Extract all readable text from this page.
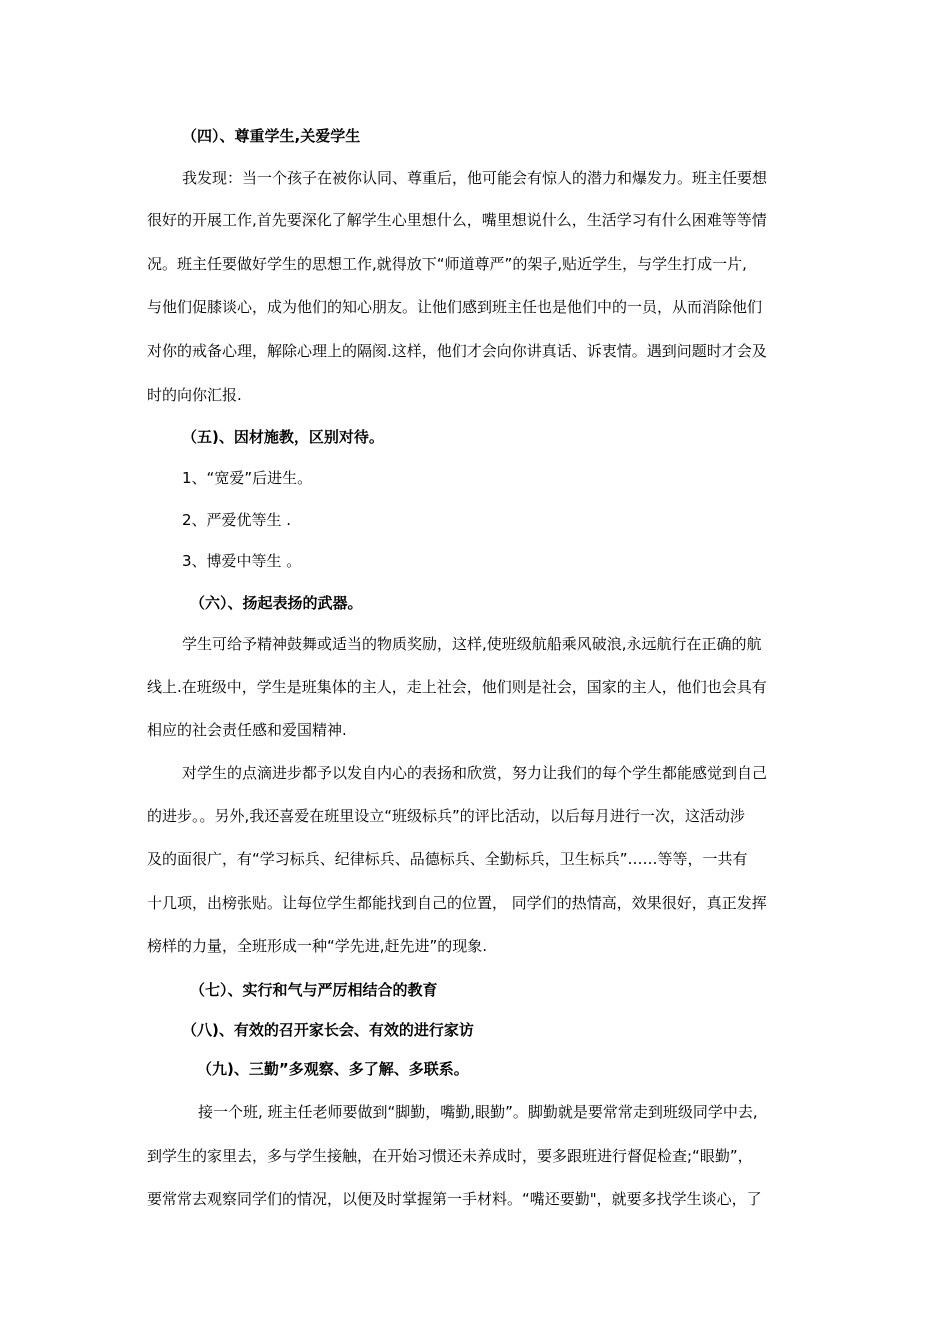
（四）、尊重学生,关爱学生
我发现：当一个孩子在被你认同、尊重后，他可能会有惊人的潜力和爆发力。班主任要想
很好的开展工作,首先要深化了解学生心里想什么，嘴里想说什么，生活学习有什么困难等等情
况。班主任要做好学生的思想工作,就得放下“师道尊严”的架子,贴近学生，与学生打成一片,
与他们促膝谈心，成为他们的知心朋友。让他们感到班主任也是他们中的一员，从而消除他们
对你的戒备心理，解除心理上的隔阂.这样，他们才会向你讲真话、诉衷情。遇到问题时才会及
时的向你汇报.
（五)、因材施教，区别对待。
1、“宽爱”后进生。
2、严爱优等生 .
3、博爱中等生 。
（六）、扬起表扬的武器。
学生可给予精神鼓舞或适当的物质奖励，这样,使班级航船乘风破浪,永远航行在正确的航
线上.在班级中，学生是班集体的主人，走上社会，他们则是社会，国家的主人，他们也会具有
相应的社会责任感和爱国精神.
对学生的点滴进步都予以发自内心的表扬和欣赏，努力让我们的每个学生都能感觉到自己
的进步。。另外,我还喜爱在班里设立“班级标兵”的评比活动，以后每月进行一次，这活动涉
及的面很广，有“学习标兵、纪律标兵、品德标兵、全勤标兵，卫生标兵”……等等，一共有
十几项，出榜张贴。让每位学生都能找到自己的位置， 同学们的热情高，效果很好，真正发挥
榜样的力量，全班形成一种“学先进,赶先进”的现象.
（七）、实行和气与严厉相结合的教育
（八)、有效的召开家长会、有效的进行家访
（九)、三勤”多观察、多了解、多联系。
接一个班, 班主任老师要做到“脚勤，嘴勤,眼勤”。脚勤就是要常常走到班级同学中去,
到学生的家里去，多与学生接触，在开始习惯还未养成时，要多跟班进行督促检查;“眼勤”，
要常常去观察同学们的情况，以便及时掌握第一手材料。“嘴还要勤"，就要多找学生谈心，了
